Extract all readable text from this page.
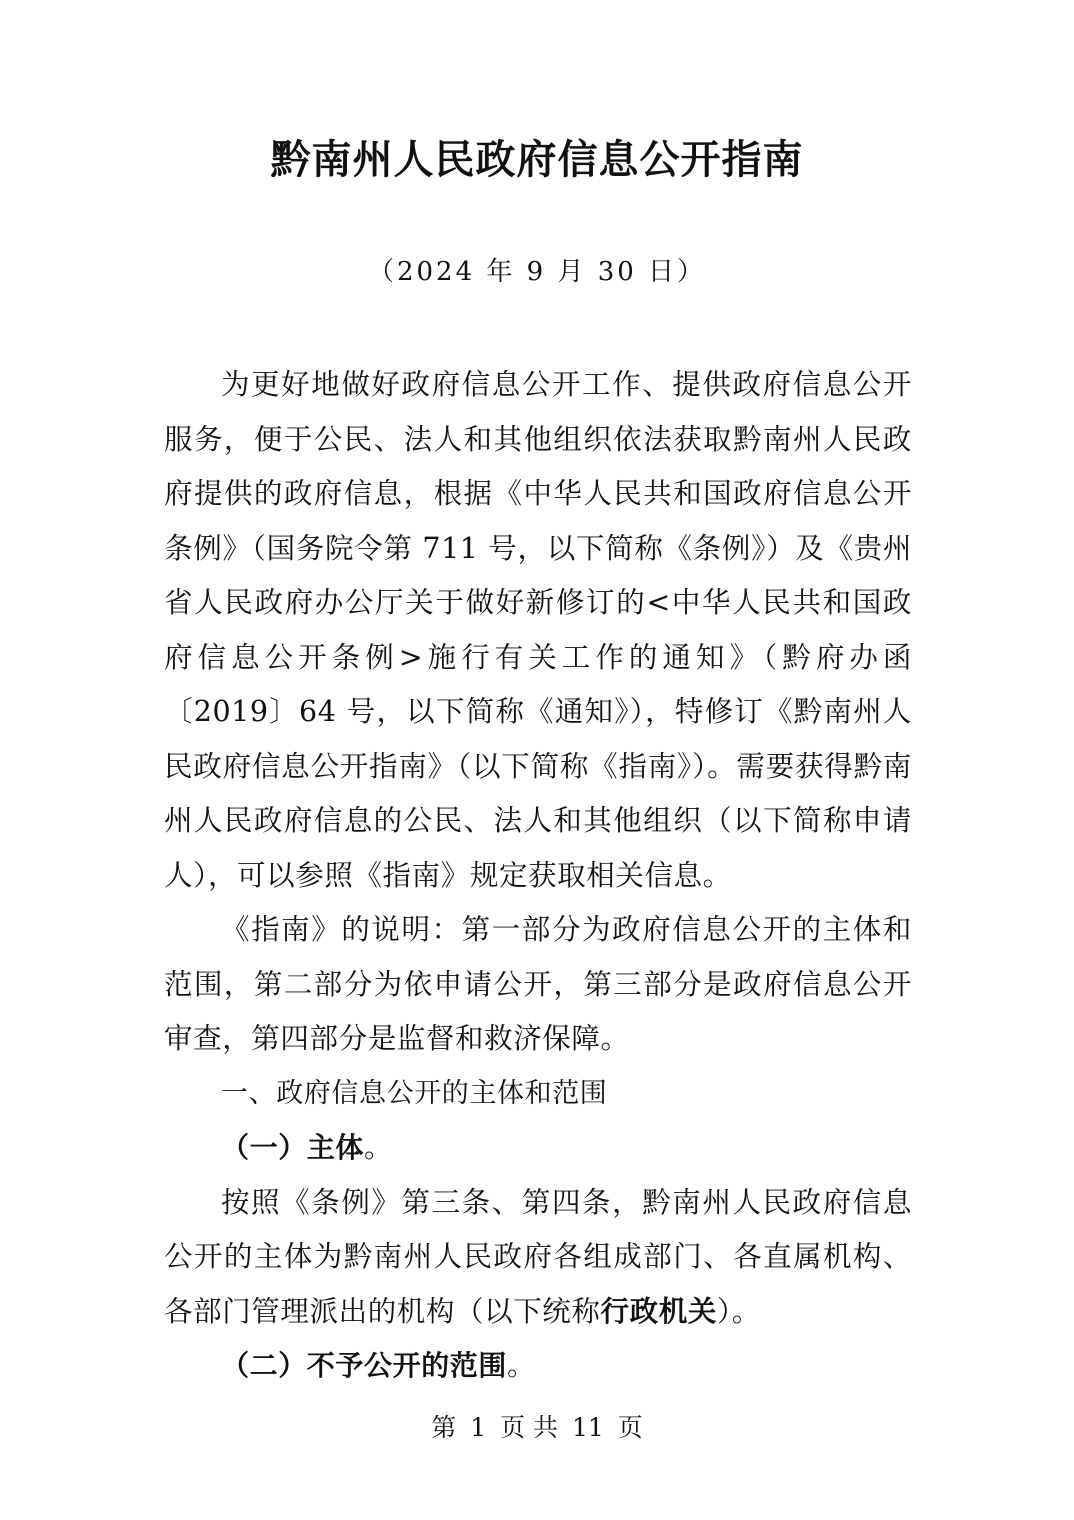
黔南州人民政府信息公开指南
（2024 年 9 月 30 日）

为更好地做好政府信息公开工作、提供政府信息公开服务，便于公民、法人和其他组织依法获取黔南州人民政府提供的政府信息，根据《中华人民共和国政府信息公开条例》（国务院令第 711 号，以下简称《条例》）及《贵州省人民政府办公厅关于做好新修订的<中华人民共和国政府信息公开条例>施行有关工作的通知》（黔府办函〔2019〕64 号，以下简称《通知》），特修订《黔南州人民政府信息公开指南》（以下简称《指南》）。需要获得黔南州人民政府信息的公民、法人和其他组织（以下简称申请人），可以参照《指南》规定获取相关信息。

《指南》的说明：第一部分为政府信息公开的主体和范围，第二部分为依申请公开，第三部分是政府信息公开审查，第四部分是监督和救济保障。

一、政府信息公开的主体和范围

（一）主体。

按照《条例》第三条、第四条，黔南州人民政府信息公开的主体为黔南州人民政府各组成部门、各直属机构、各部门管理派出的机构（以下统称行政机关）。

（二）不予公开的范围。

第 1 页 共 11 页
